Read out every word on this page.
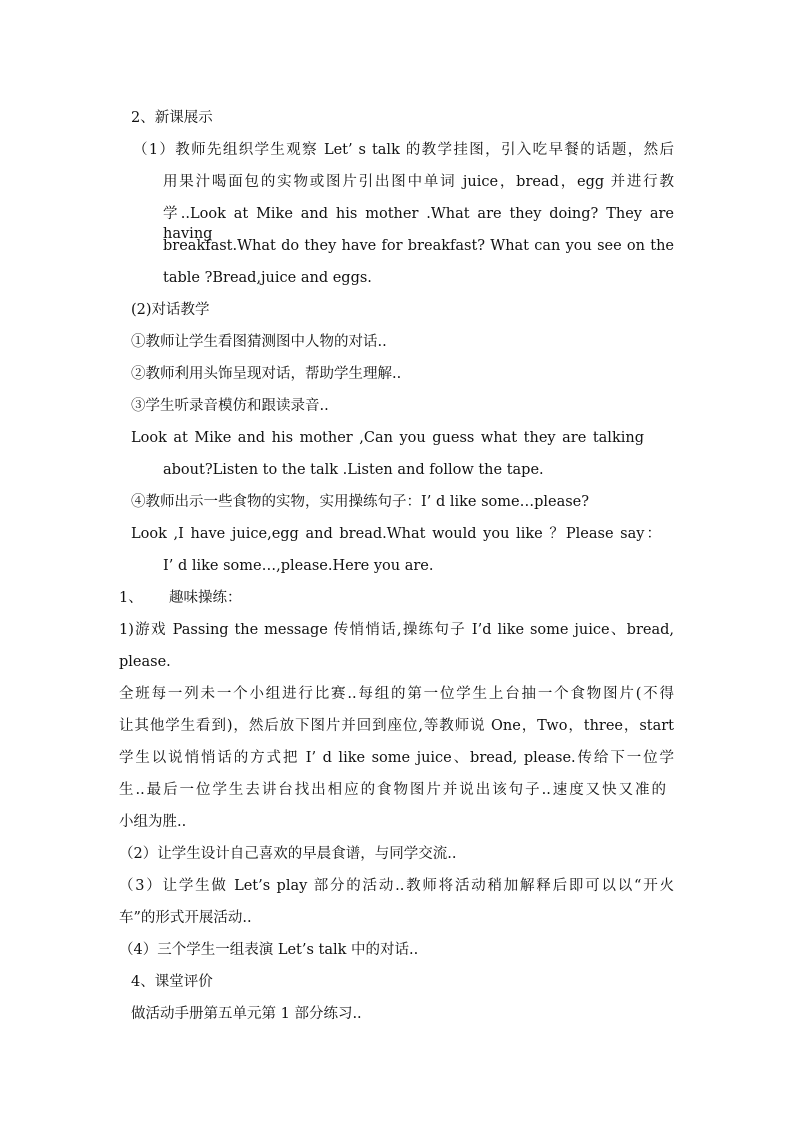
2、新课展示
（1）教师先组织学生观察 Let’ s talk 的教学挂图，引入吃早餐的话题，然后
用果汁喝面包的实物或图片引出图中单词 juice，bread，egg 并进行教
学..Look at Mike and his mother .What are they doing? They are having
breakfast.What do they have for breakfast? What can you see on the
table ?Bread,juice and eggs.
(2)对话教学
①教师让学生看图猜测图中人物的对话..
②教师利用头饰呈现对话，帮助学生理解..
③学生听录音模仿和跟读录音..
Look at Mike and his mother ,Can you guess what they are talking
about?Listen to the talk .Listen and follow the tape.
④教师出示一些食物的实物，实用操练句子：I’ d like some…please?
Look ,I have juice,egg and bread.What would you like ？Please say：
I’ d like some…,please.Here you are.
1、 趣味操练：
1)游戏 Passing the message 传悄悄话,操练句子 I’d like some juice、bread,
please.
全班每一列未一个小组进行比赛..每组的第一位学生上台抽一个食物图片(不得
让其他学生看到)，然后放下图片并回到座位,等教师说 One，Two，three，start
学生以说悄悄话的方式把 I’ d like some juice、bread, please.传给下一位学
生..最后一位学生去讲台找出相应的食物图片并说出该句子..速度又快又准的
小组为胜..
（2）让学生设计自己喜欢的早晨食谱，与同学交流..
（3）让学生做 Let’s play 部分的活动..教师将活动稍加解释后即可以以“开火
车”的形式开展活动..
（4）三个学生一组表演 Let’s talk 中的对话..
4、课堂评价
做活动手册第五单元第 1 部分练习..
